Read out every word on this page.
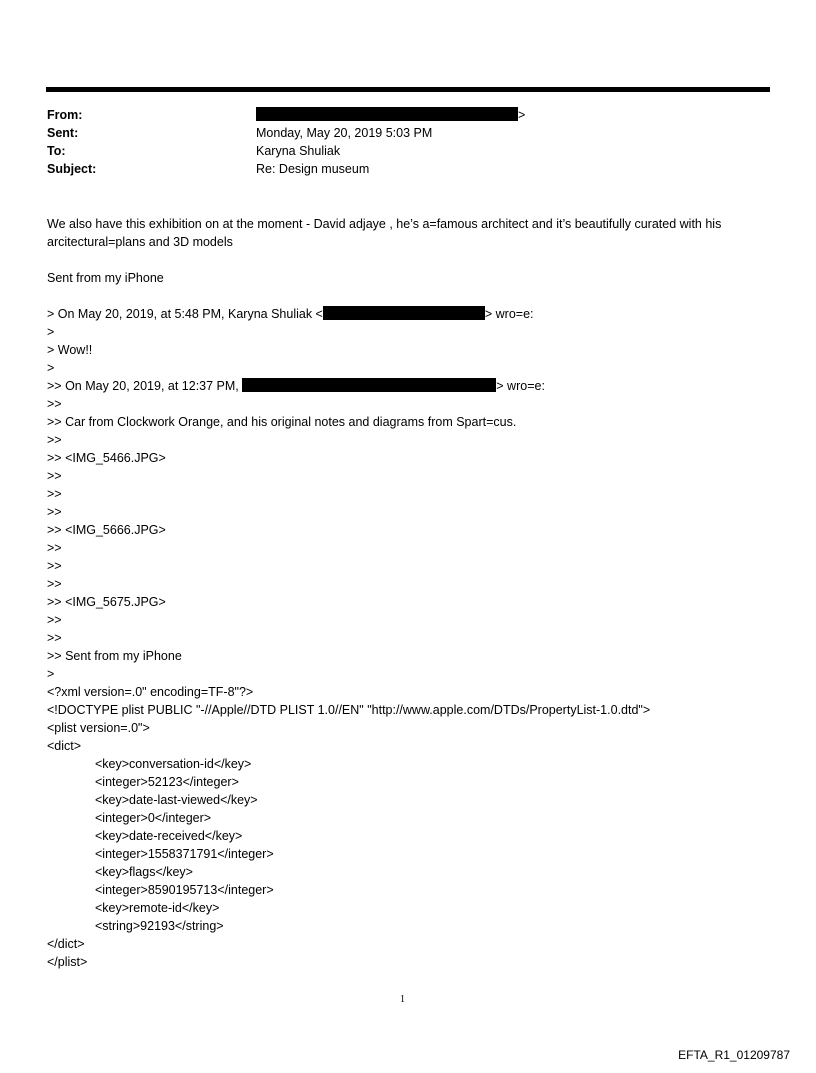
From:	>
Sent:	Monday, May 20, 2019 5:03 PM
To:	Karyna Shuliak
Subject:	Re: Design museum
We also have this exhibition on at the moment - David adjaye , he’s a=famous architect and it’s beautifully curated with his arcitectural=plans and 3D models
Sent from my iPhone
> On May 20, 2019, at 5:48 PM, Karyna Shuliak <	> wro=e:
>
> Wow!!
>
>> On May 20, 2019, at 12:37 PM,	> wro=e:
>>
>> Car from Clockwork Orange, and his original notes and diagrams from Spart=cus.
>>
>> <IMG_5466.JPG>
>>
>>
>>
>> <IMG_5666.JPG>
>>
>>
>>
>> <IMG_5675.JPG>
>>
>>
>> Sent from my iPhone
>
<?xml version=.0" encoding=TF-8"?>
<!DOCTYPE plist PUBLIC "-//Apple//DTD PLIST 1.0//EN" "http://www.apple.com/DTDs/PropertyList-1.0.dtd">
<plist version=.0">
<dict>
<key>conversation-id</key>
<integer>52123</integer>
<key>date-last-viewed</key>
<integer>0</integer>
<key>date-received</key>
<integer>1558371791</integer>
<key>flags</key>
<integer>8590195713</integer>
<key>remote-id</key>
<string>92193</string>
</dict>
</plist>
1
EFTA_R1_01209787
